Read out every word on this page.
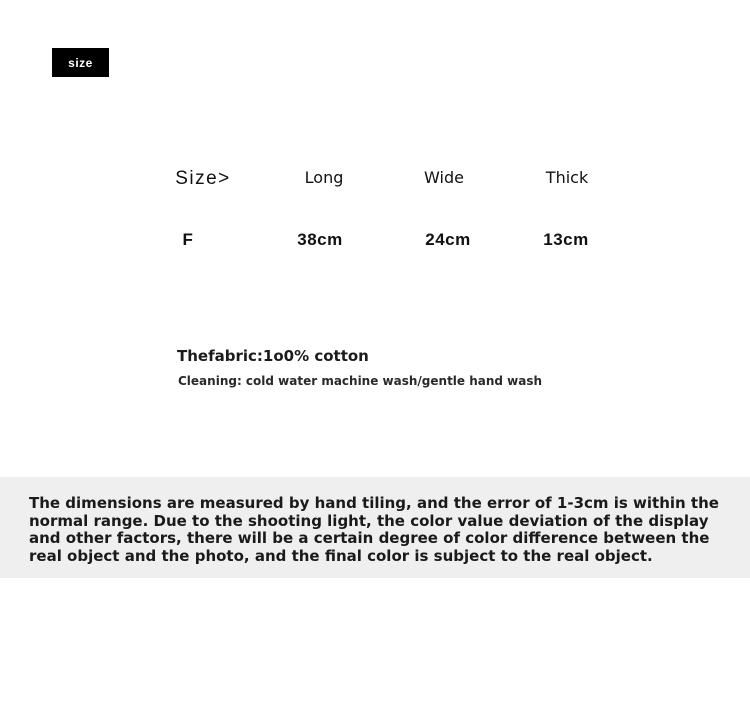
size
Size>	Long	Wide	Thick
F	38cm	24cm	13cm
Thefabric:1o0% cotton
Cleaning: cold water machine wash/gentle hand wash

The dimensions are measured by hand tiling, and the error of 1-3cm is within the normal range. Due to the shooting light, the color value deviation of the display and other factors, there will be a certain degree of color difference between the real object and the photo, and the final color is subject to the real object.
